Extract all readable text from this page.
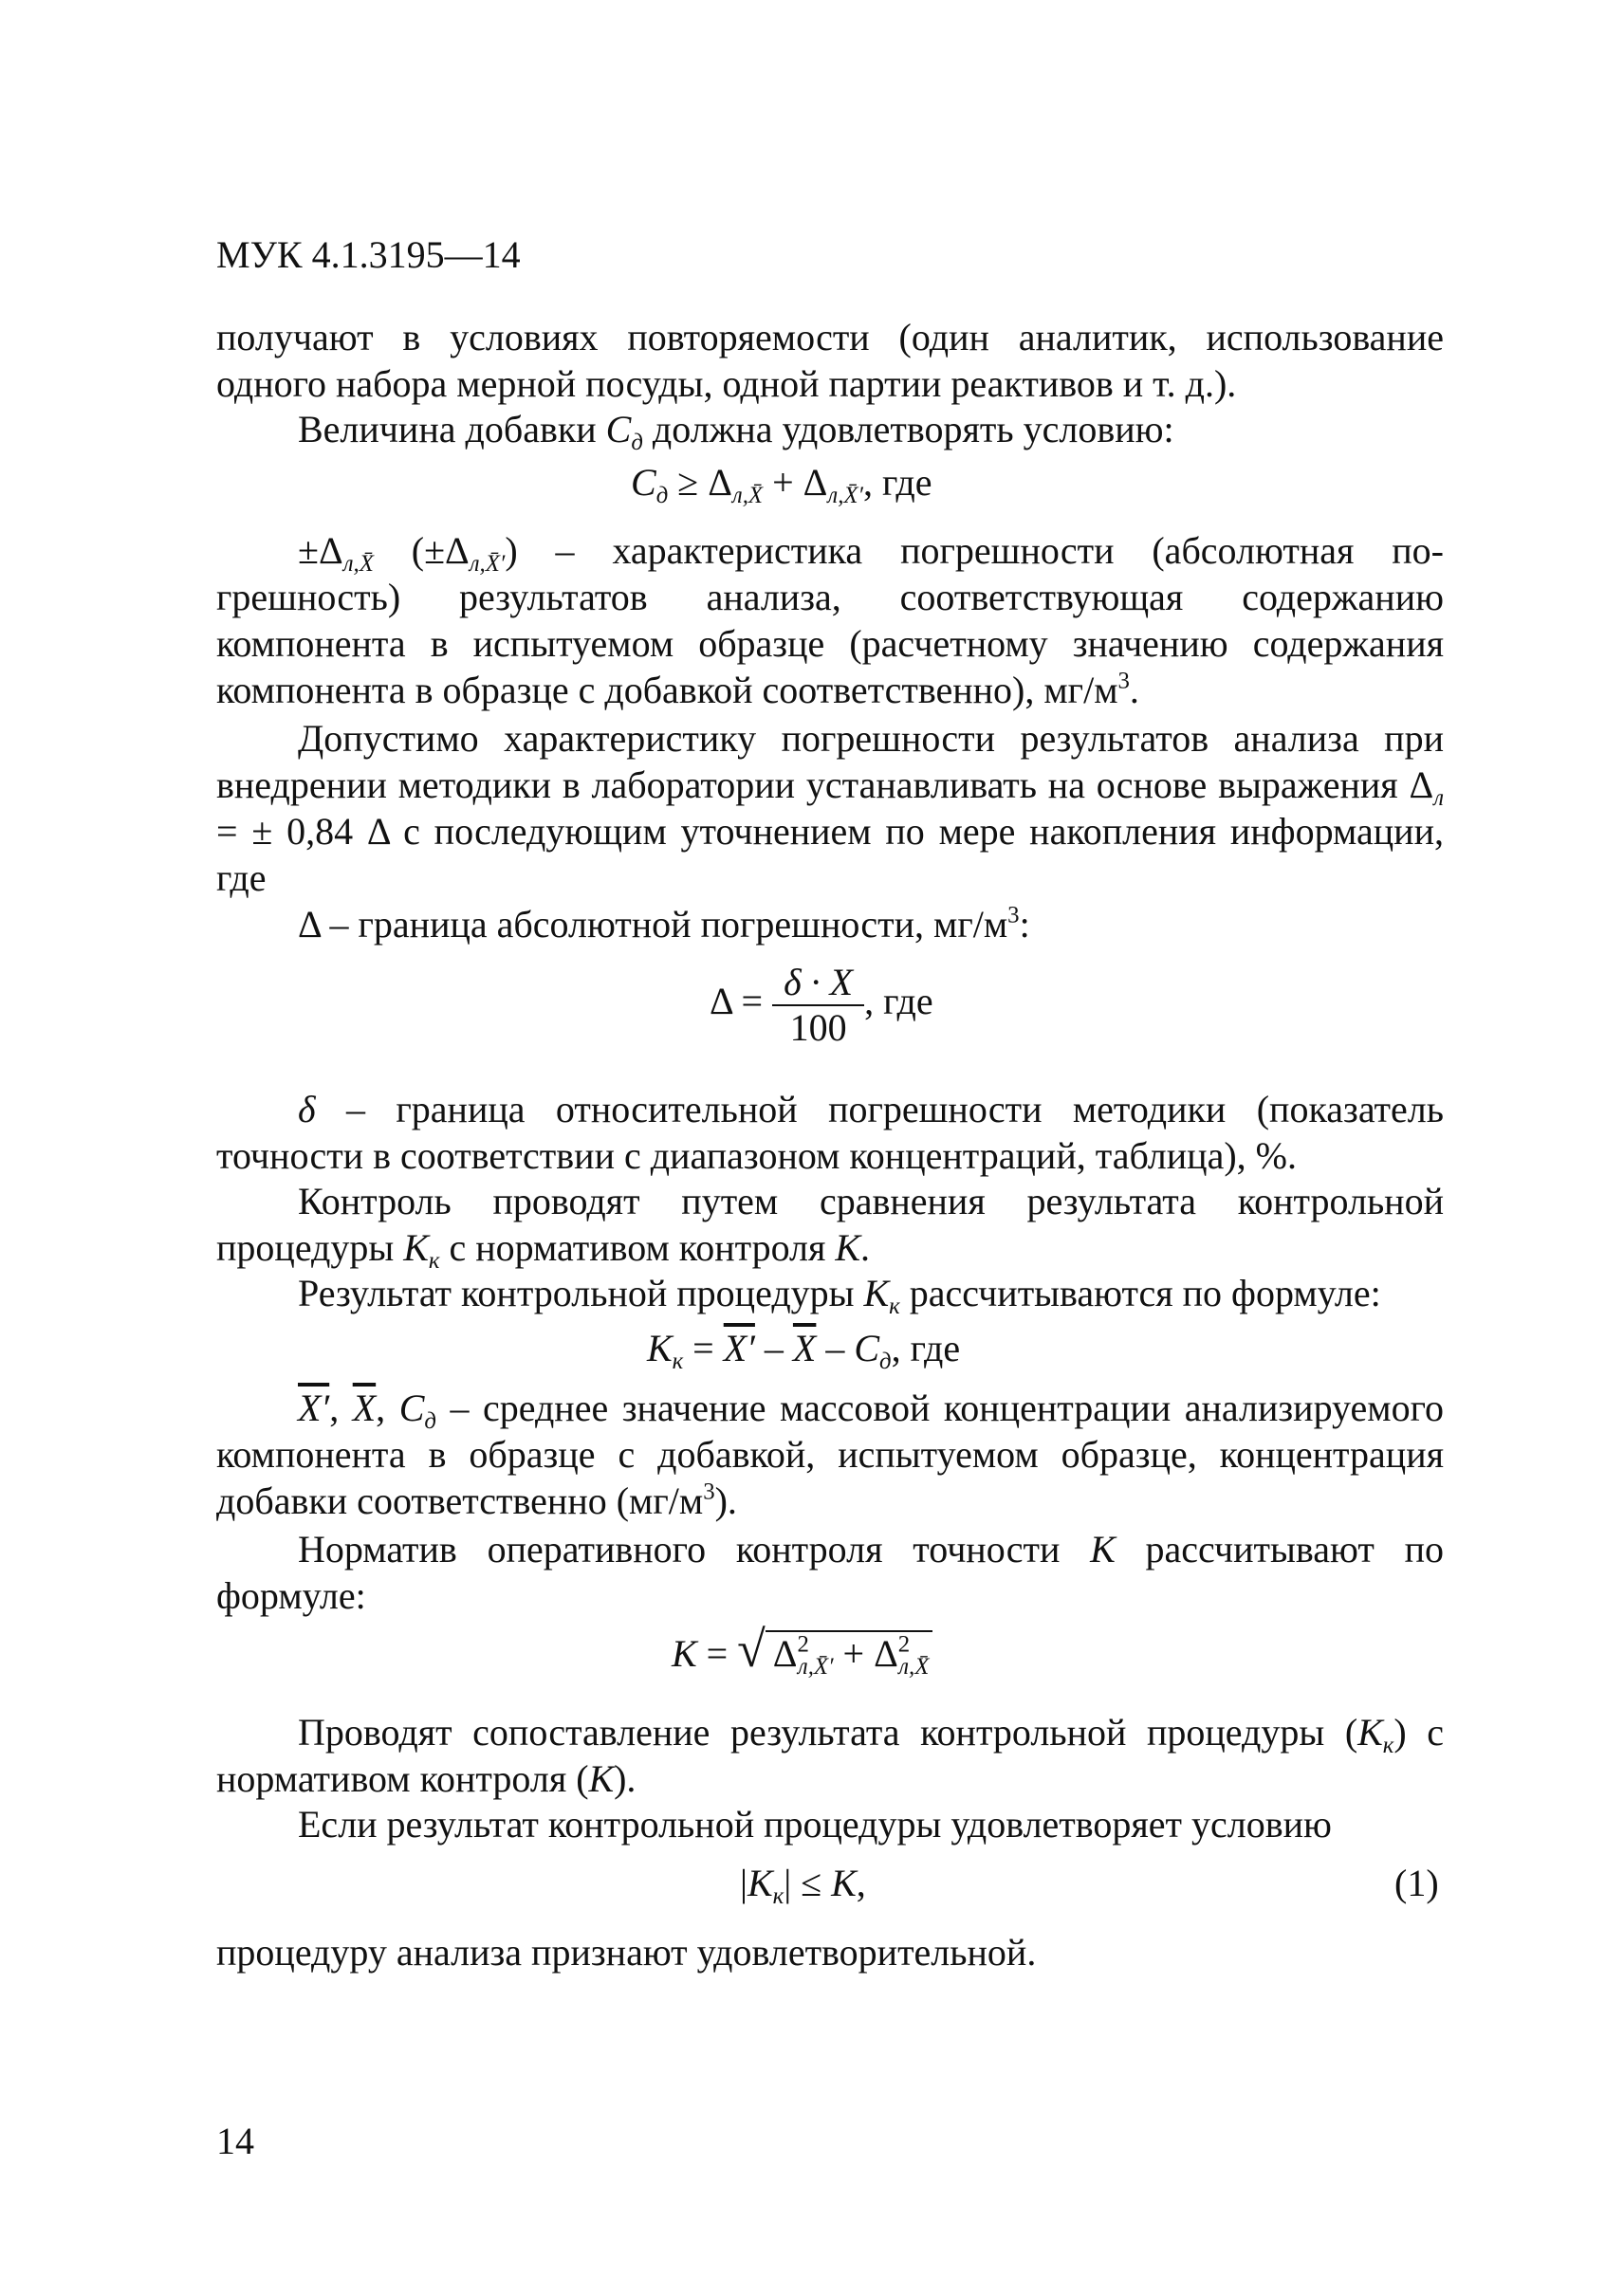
МУК 4.1.3195—14
получают в условиях повторяемости (один аналитик, использование
одного набора мерной посуды, одной партии реактивов и т. д.).
Величина добавки $C_д$ должна удовлетворять условию:
$C_д \ge \Delta_{л,X̄} + \Delta_{л,X̄'}$, где
$\pm\Delta_{л,X̄}$ $(\pm\Delta_{л,X̄'})$ – характеристика погрешности (абсолютная по-
грешность) результатов анализа, соответствующая содержанию компонента в испытуемом образце (расчетному значению содержания компонента в образце с добавкой соответственно), $мг/м^3$.
Допустимо характеристику погрешности результатов анализа при внедрении методики в лаборатории устанавливать на основе выражения $\Delta_л$ = ± 0,84 Δ с последующим уточнением по мере накопления информации, где
Δ – граница абсолютной погрешности, $мг/м^3$:
$\Delta = \frac{\delta \cdot X}{100}$ , где
δ – граница относительной погрешности методики (показатель точности в соответствии с диапазоном концентраций, таблица), %.
Контроль проводят путем сравнения результата контрольной процедуры $К_к$ с нормативом контроля К.
Результат контрольной процедуры $К_к$ рассчитываются по формуле:
$К_к = X' - \overline{X} - C_д$, где
X′, $\overline{X}$, $C_д$ – среднее значение массовой концентрации анализируемого компонента в образце с добавкой, испытуемом образце, концентрация добавки соответственно $(мг/м^3)$.
Норматив оперативного контроля точности К рассчитывают по формуле:
К = √ $\Delta^2_{л,X̄'} + \Delta^2_{л,X̄}$
Проводят сопоставление результата контрольной процедуры $(К_к)$ с нормативом контроля (К).
Если результат контрольной процедуры удовлетворяет условию
$|К_к| \le К$,	(1)
процедуру анализа признают удовлетворительной.
14
